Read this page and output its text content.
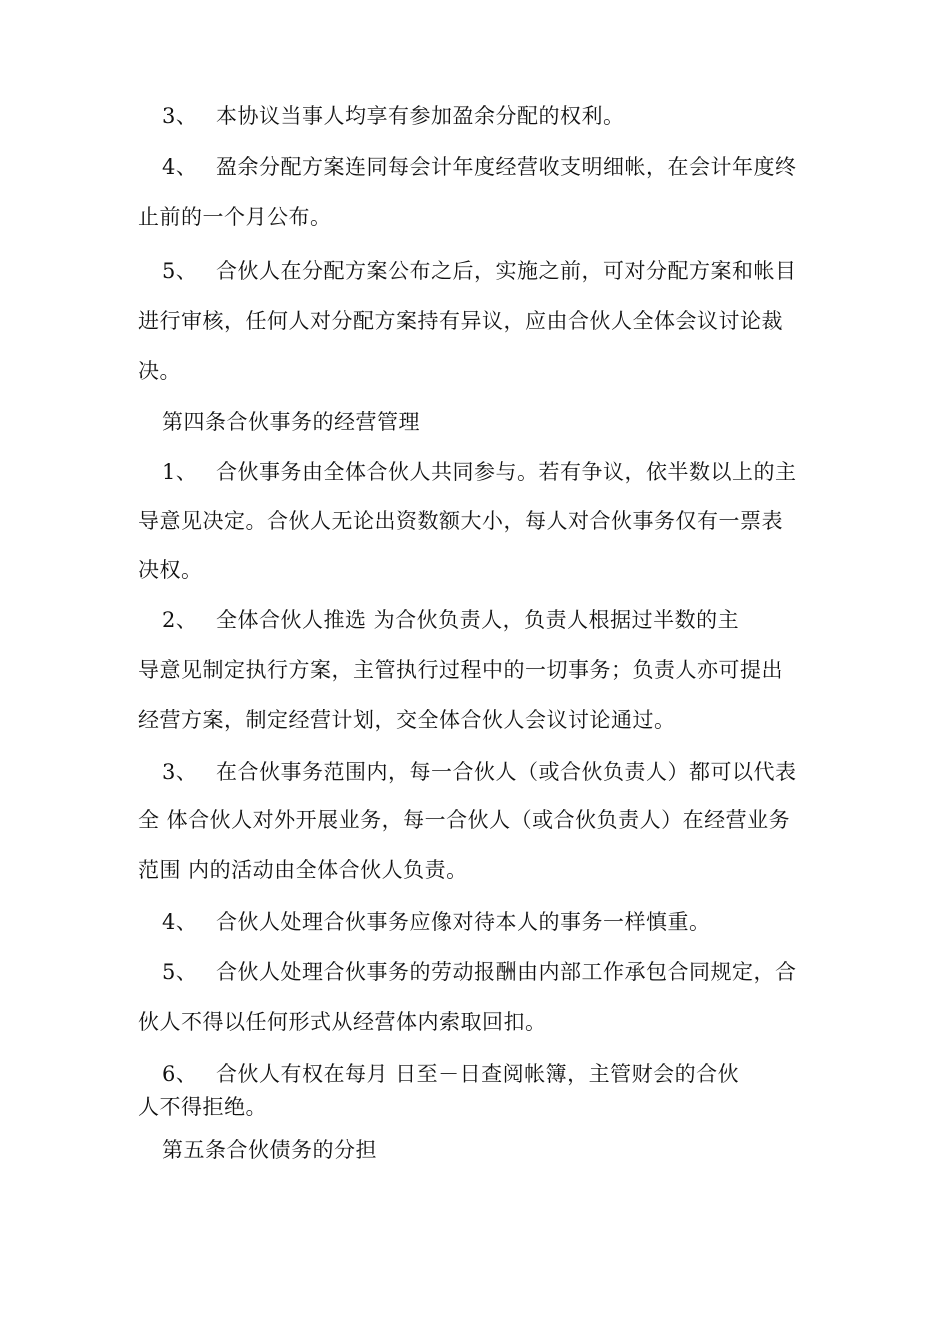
3、 本协议当事人均享有参加盈余分配的权利。
4、 盈余分配方案连同每会计年度经营收支明细帐，在会计年度终
止前的一个月公布。
5、 合伙人在分配方案公布之后，实施之前，可对分配方案和帐目
进行审核，任何人对分配方案持有异议，应由合伙人全体会议讨论裁
决。
第四条合伙事务的经营管理
1、 合伙事务由全体合伙人共同参与。若有争议，依半数以上的主
导意见决定。合伙人无论出资数额大小，每人对合伙事务仅有一票表
决权。
2、 全体合伙人推选 为合伙负责人，负责人根据过半数的主
导意见制定执行方案，主管执行过程中的一切事务；负责人亦可提出
经营方案，制定经营计划，交全体合伙人会议讨论通过。
3、 在合伙事务范围内，每一合伙人（或合伙负责人）都可以代表
全 体合伙人对外开展业务，每一合伙人（或合伙负责人）在经营业务
范围 内的活动由全体合伙人负责。
4、 合伙人处理合伙事务应像对待本人的事务一样慎重。
5、 合伙人处理合伙事务的劳动报酬由内部工作承包合同规定，合
伙人不得以任何形式从经营体内索取回扣。
6、 合伙人有权在每月 日至－日查阅帐簿，主管财会的合伙
人不得拒绝。
第五条合伙债务的分担
